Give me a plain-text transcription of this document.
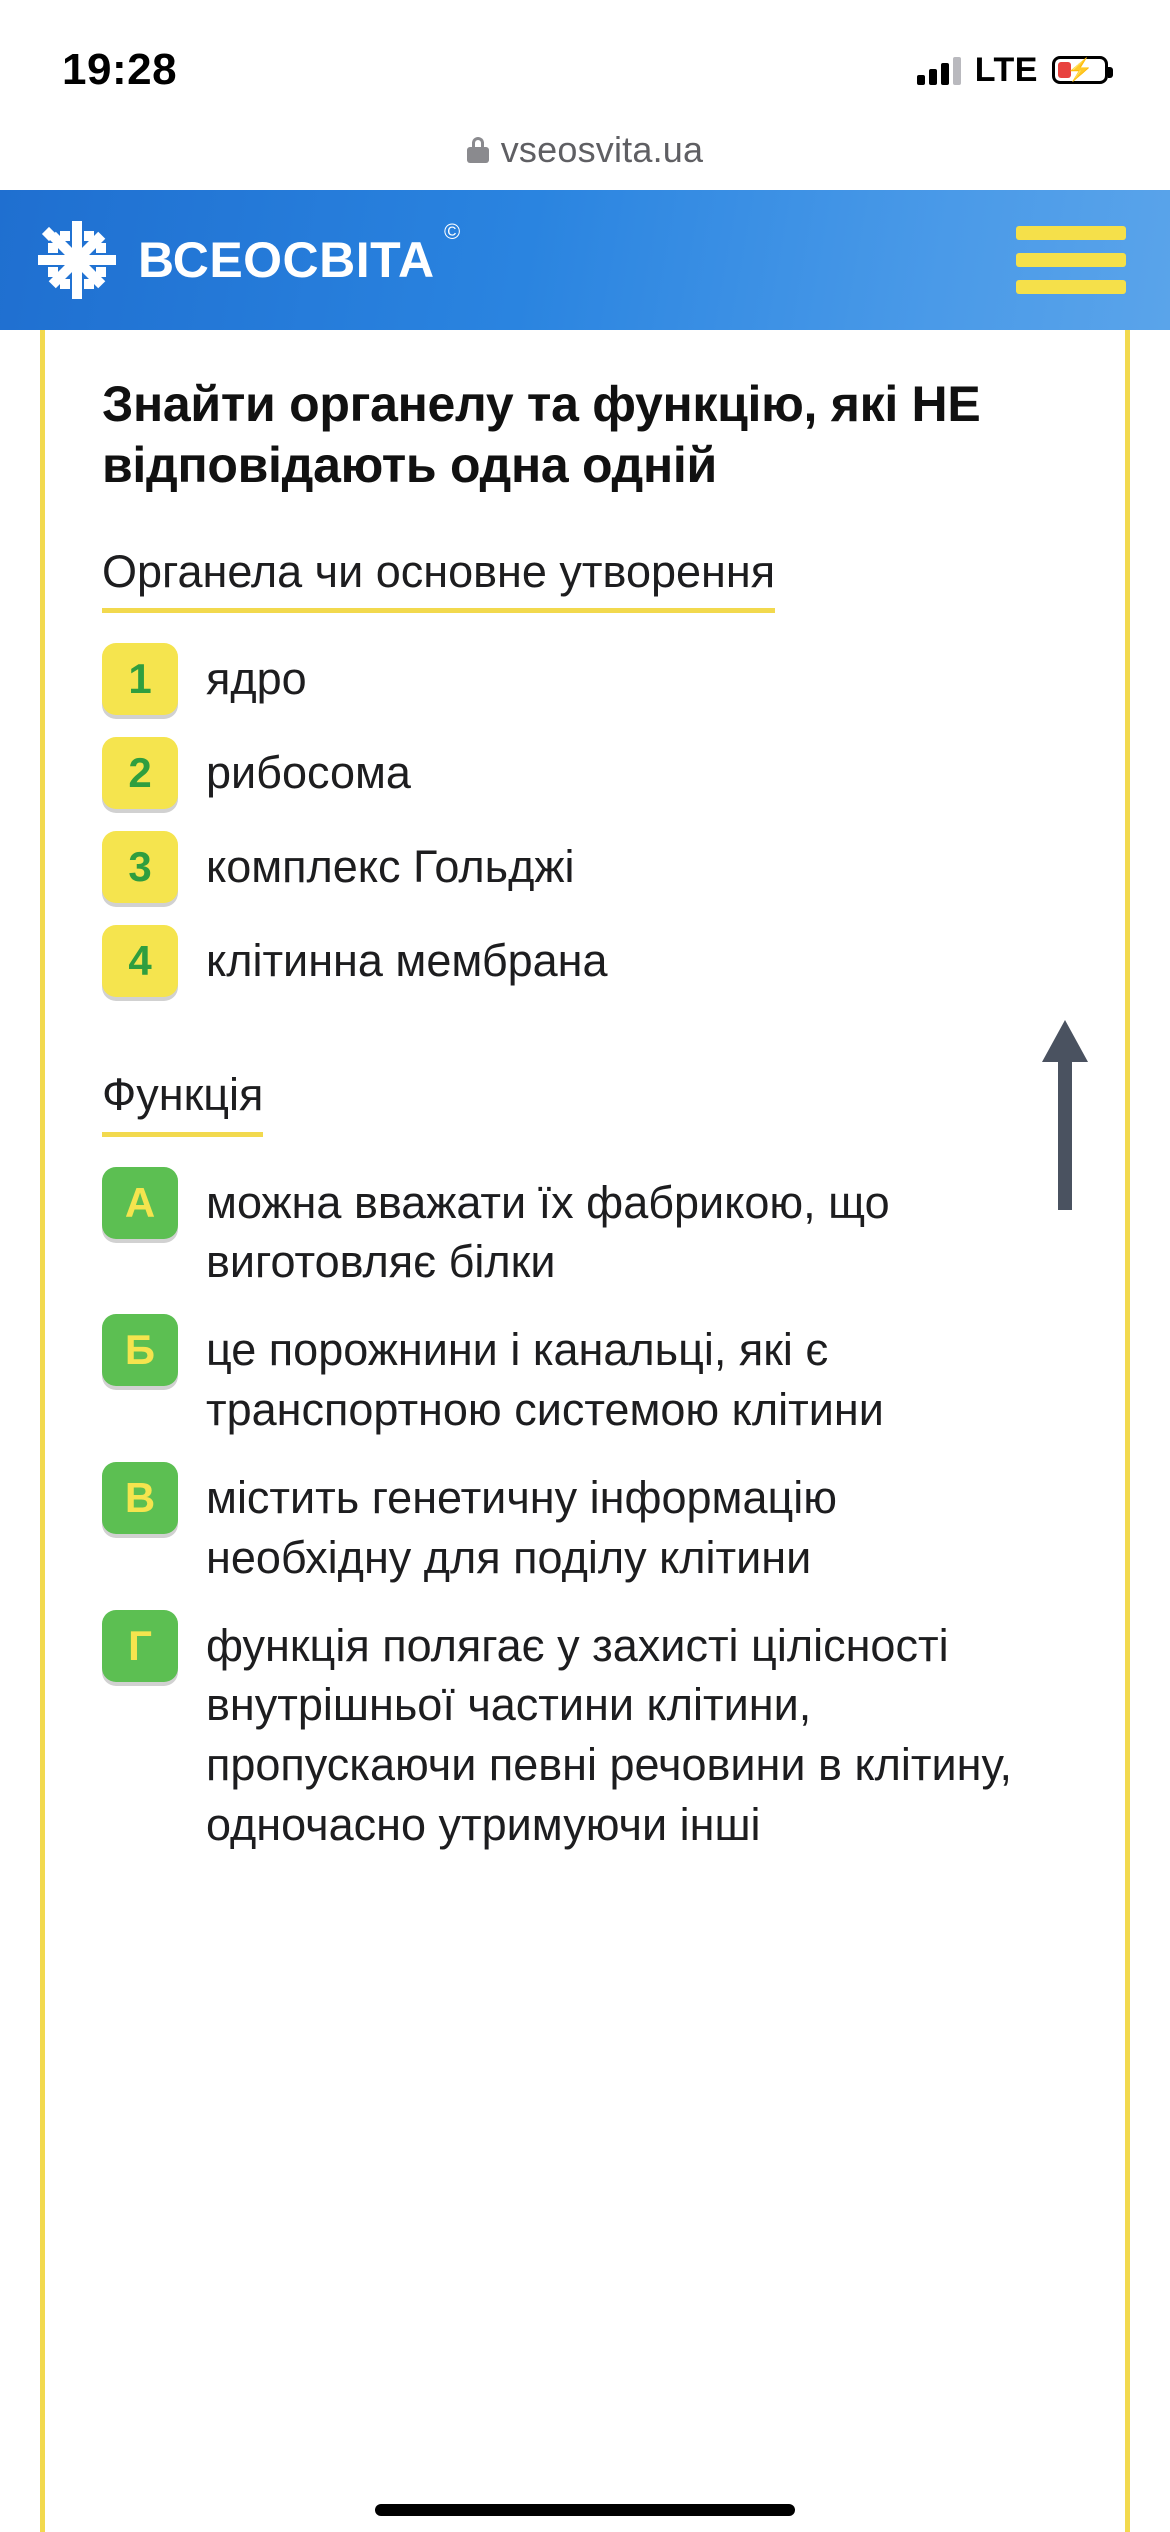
19:28	LTE ⚡
vseosvita.ua
ВСЕОСВІТА
©
Знайти органелу та функцію, які НЕ відповідають одна одній
Органела чи основне утворення
1	ядро
2	рибосома
3	комплекс Гольджі
4	клітинна мембрана
Функція
А	можна вважати їх фабрикою, що виготовляє білки
Б	це порожнини і канальці, які є транспортною системою клітини
В	містить генетичну інформацію необхідну для поділу клітини
Г	функція полягає у захисті цілісності внутрішньої частини клітини, пропускаючи певні речовини в клітину, одночасно утримуючи інші
